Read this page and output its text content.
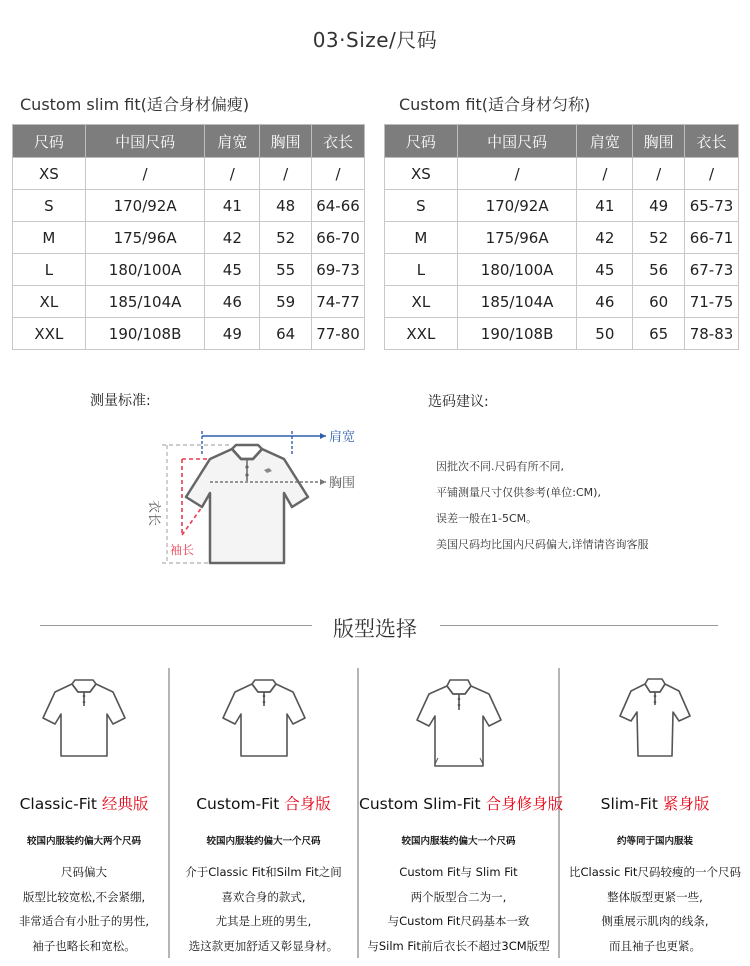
03·Size/尺码
Custom slim fit(适合身材偏瘦)
尺码	中国尺码	肩宽	胸围	衣长
XS	/	/	/	/
S	170/92A	41	48	64-66
M	175/96A	42	52	66-70
L	180/100A	45	55	69-73
XL	185/104A	46	59	74-77
XXL	190/108B	49	64	77-80
Custom fit(适合身材匀称)
尺码	中国尺码	肩宽	胸围	衣长
XS	/	/	/	/
S	170/92A	41	49	65-73
M	175/96A	42	52	66-71
L	180/100A	45	56	67-73
XL	185/104A	46	60	71-75
XXL	190/108B	50	65	78-83
测量标准:
肩宽
胸围
衣长
袖长
选码建议:
因批次不同.尺码有所不同,
平铺测量尺寸仅供参考(单位:CM),
误差一般在1-5CM。
美国尺码均比国内尺码偏大,详情请咨询客服
版型选择
Classic-Fit 经典版
较国内服装约偏大两个尺码
尺码偏大
版型比较宽松,不会紧绷,
非常适合有小肚子的男性,
袖子也略长和宽松。
Custom-Fit 合身版
较国内服装约偏大一个尺码
介于Classic Fit和Silm Fit之间
喜欢合身的款式,
尤其是上班的男生,
选这款更加舒适又彰显身材。
Custom Slim-Fit 合身修身版
较国内服装约偏大一个尺码
Custom Fit与 Slim Fit
两个版型合二为一,
与Custom Fit尺码基本一致
与Silm Fit前后衣长不超过3CM版型
Slim-Fit 紧身版
约等同于国内服装
比Classic Fit尺码较瘦的一个尺码
整体版型更紧一些,
侧重展示肌肉的线条,
而且袖子也更紧。
